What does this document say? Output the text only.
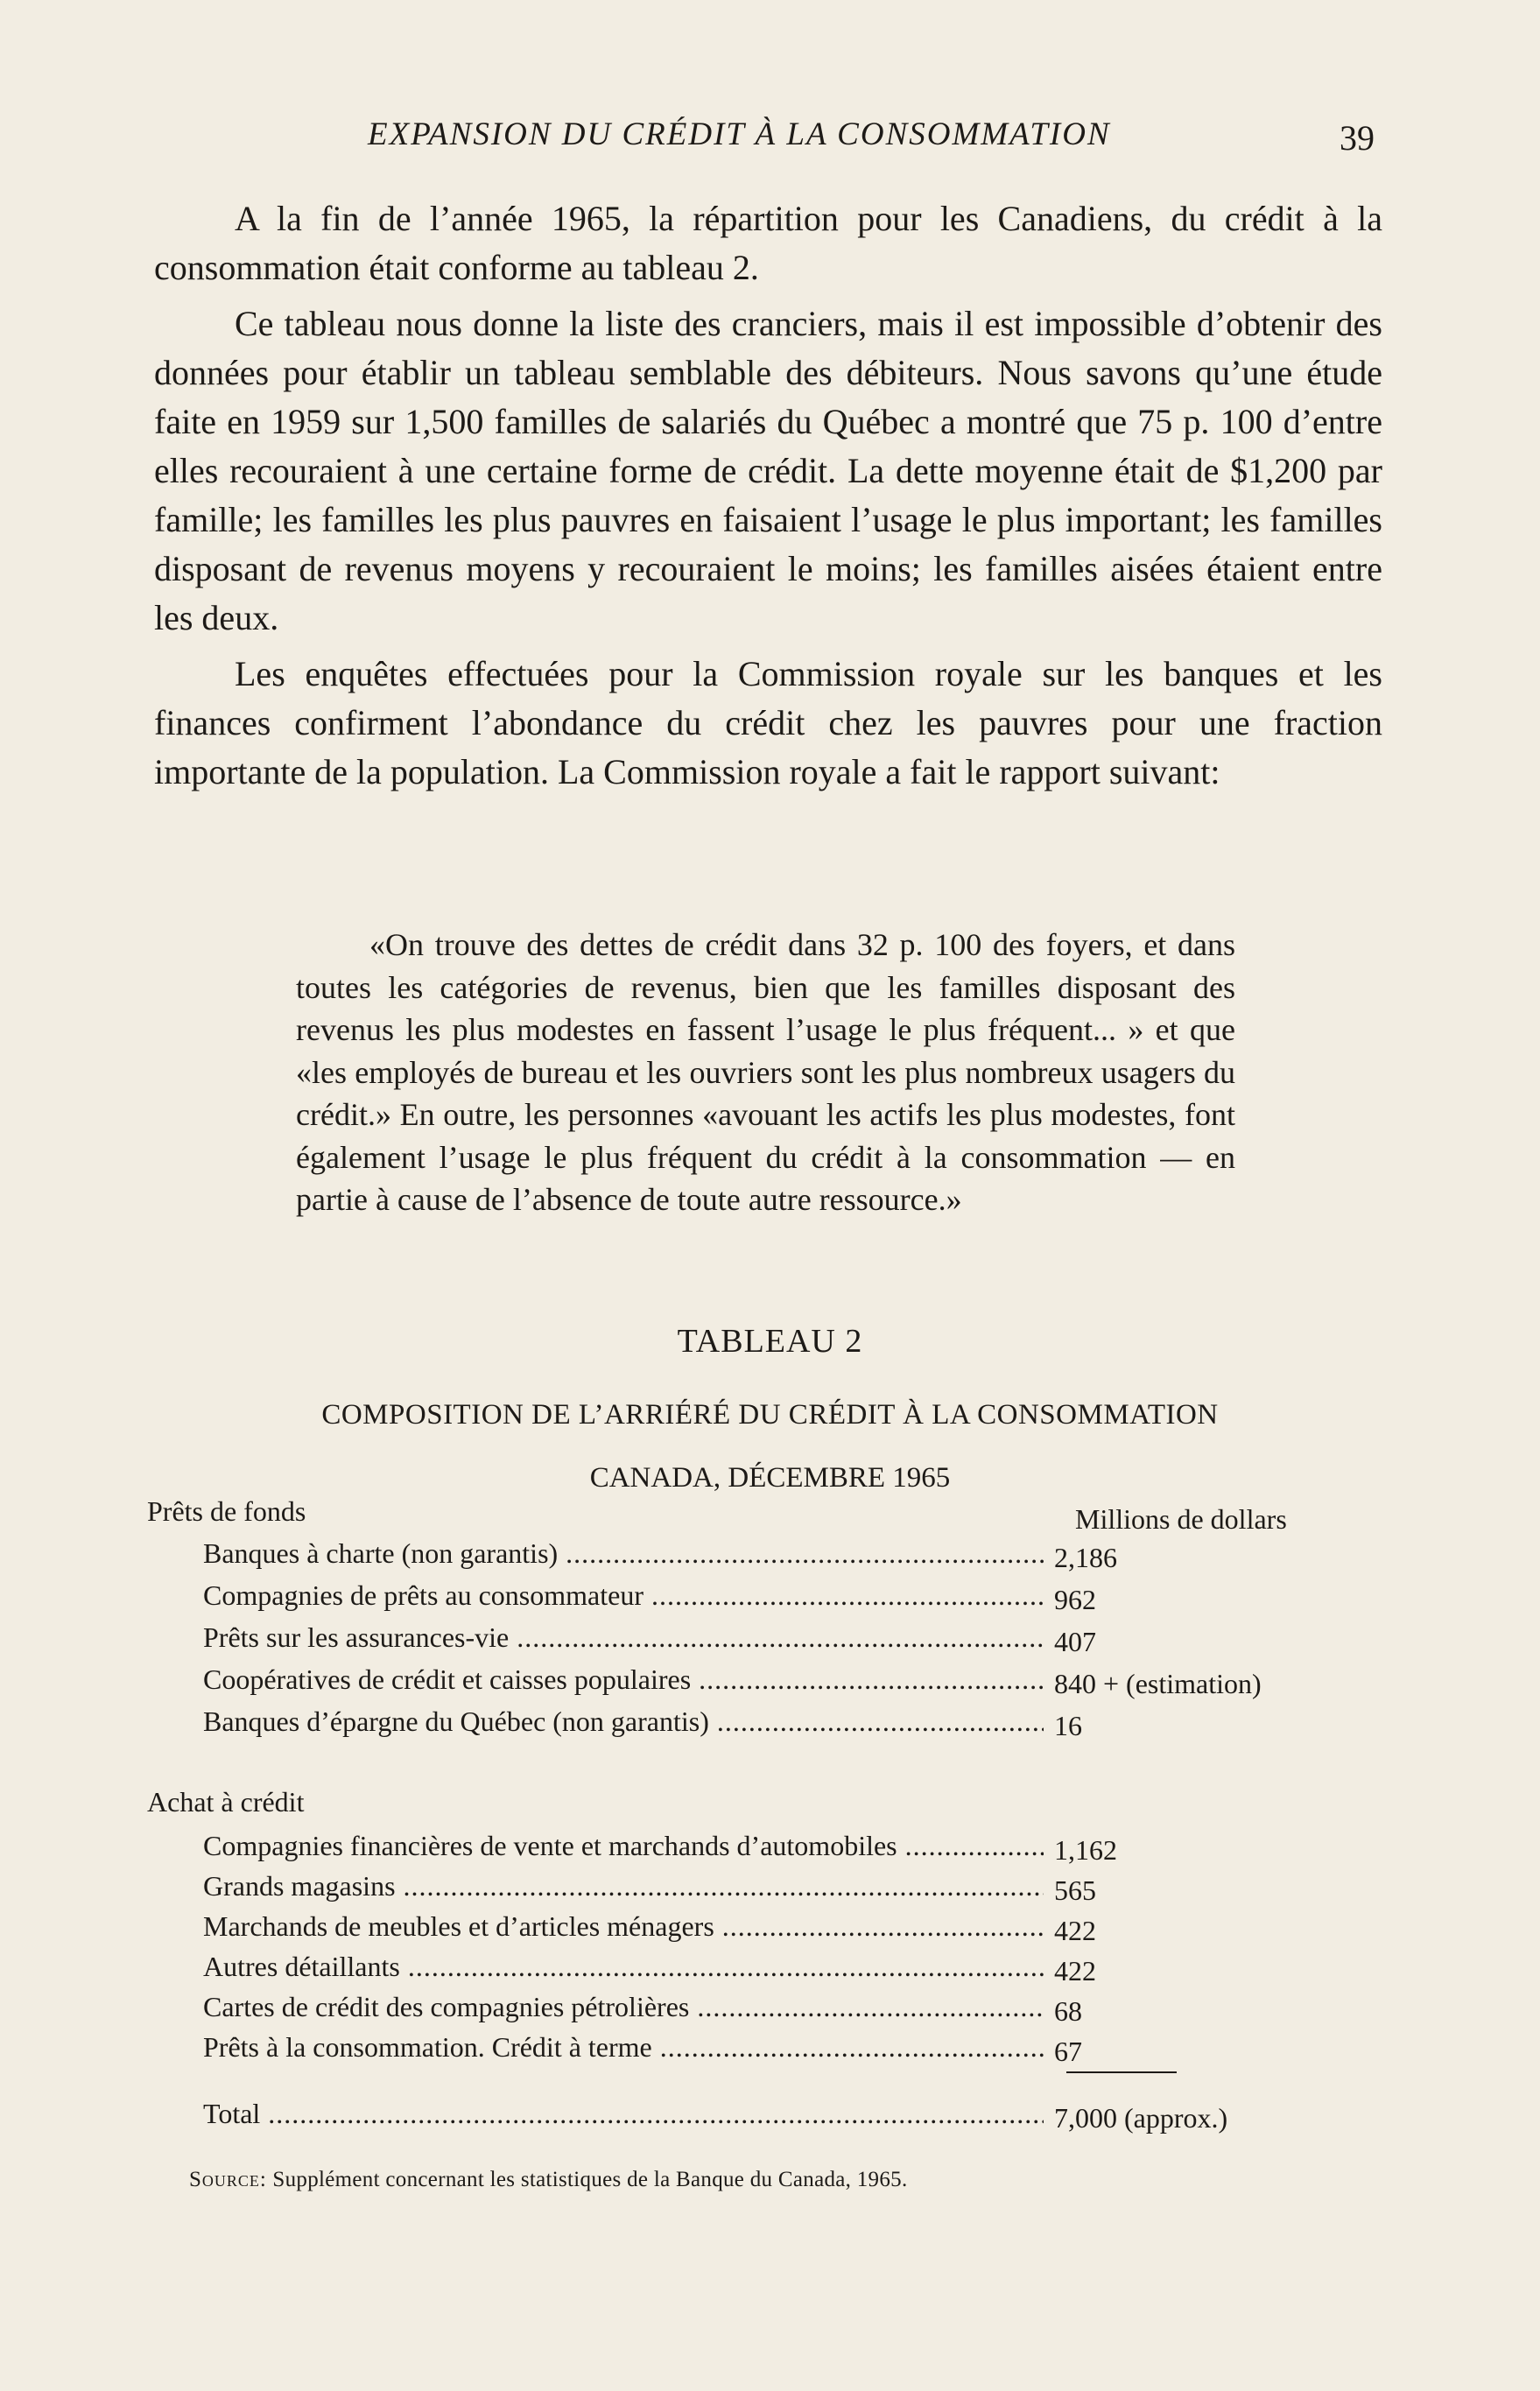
EXPANSION DU CRÉDIT À LA CONSOMMATION	39

A la fin de l’année 1965, la répartition pour les Canadiens, du crédit à la consommation était conforme au tableau 2.

Ce tableau nous donne la liste des cranciers, mais il est impossible d’obtenir des données pour établir un tableau semblable des débiteurs. Nous savons qu’une étude faite en 1959 sur 1,500 familles de salariés du Québec a montré que 75 p. 100 d’entre elles recouraient à une certaine forme de crédit. La dette moyenne était de $1,200 par famille; les familles les plus pauvres en faisaient l’usage le plus important; les familles disposant de revenus moyens y recouraient le moins; les familles aisées étaient entre les deux.

Les enquêtes effectuées pour la Commission royale sur les banques et les finances confirment l’abondance du crédit chez les pauvres pour une fraction importante de la population. La Commission royale a fait le rapport suivant:

«On trouve des dettes de crédit dans 32 p. 100 des foyers, et dans toutes les catégories de revenus, bien que les familles disposant des revenus les plus modestes en fassent l’usage le plus fréquent... » et que «les employés de bureau et les ouvriers sont les plus nombreux usagers du crédit.» En outre, les personnes «avouant les actifs les plus modestes, font également l’usage le plus fréquent du crédit à la consommation — en partie à cause de l’absence de toute autre ressource.»

TABLEAU 2
COMPOSITION DE L’ARRIÉRÉ DU CRÉDIT À LA CONSOMMATION
CANADA, DÉCEMBRE 1965
Prêts de fonds	Millions de dollars
Banques à charte (non garantis) .....	2,186
Compagnies de prêts au consommateur .....	962
Prêts sur les assurances-vie .....	407
Coopératives de crédit et caisses populaires .....	840 + (estimation)
Banques d’épargne du Québec (non garantis) .....	16
Achat à crédit
Compagnies financières de vente et marchands d’automobiles .....	1,162
Grands magasins .....	565
Marchands de meubles et d’articles ménagers .....	422
Autres détaillants .....	422
Cartes de crédit des compagnies pétrolières .....	68
Prêts à la consommation. Crédit à terme .....	67
Total .....	7,000 (approx.)
Source: Supplément concernant les statistiques de la Banque du Canada, 1965.
